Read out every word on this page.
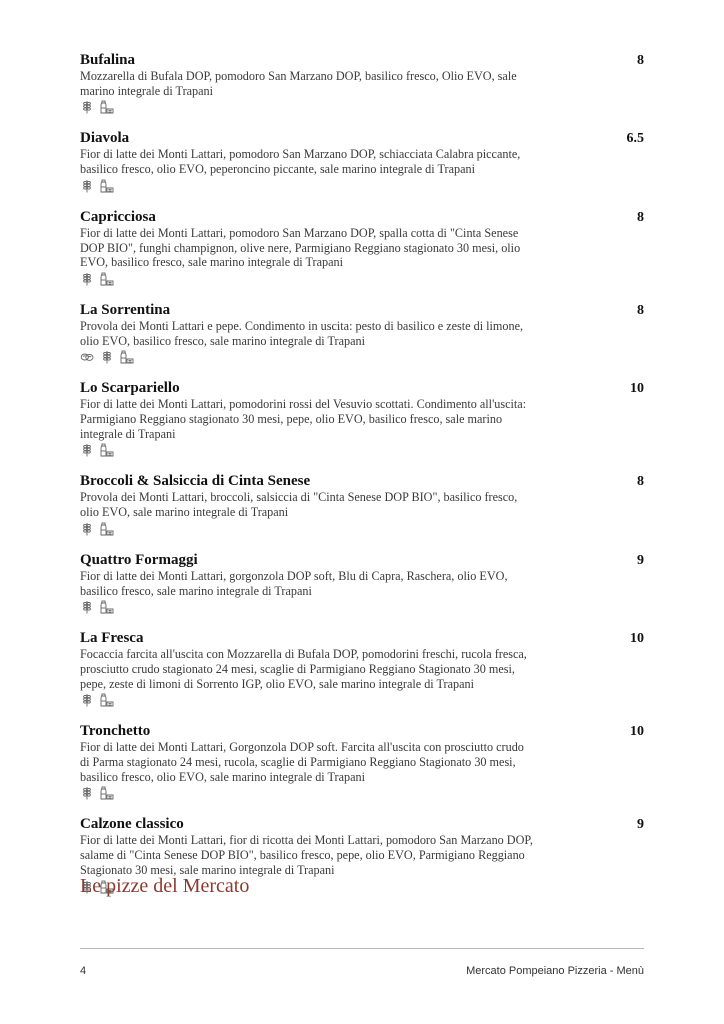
Bufalina	8
Mozzarella di Bufala DOP, pomodoro San Marzano DOP, basilico fresco, Olio EVO, sale marino integrale di Trapani
Diavola	6.5
Fior di latte dei Monti Lattari, pomodoro San Marzano DOP, schiacciata Calabra piccante, basilico fresco, olio EVO, peperoncino piccante, sale marino integrale di Trapani
Capricciosa	8
Fior di latte dei Monti Lattari, pomodoro San Marzano DOP, spalla cotta di "Cinta Senese DOP BIO", funghi champignon, olive nere, Parmigiano Reggiano stagionato 30 mesi, olio EVO, basilico fresco, sale marino integrale di Trapani
La Sorrentina	8
Provola dei Monti Lattari e pepe. Condimento in uscita: pesto di basilico e zeste di limone, olio EVO, basilico fresco, sale marino integrale di Trapani
Lo Scarpariello	10
Fior di latte dei Monti Lattari, pomodorini rossi del Vesuvio scottati. Condimento all'uscita: Parmigiano Reggiano stagionato 30 mesi, pepe, olio EVO, basilico fresco, sale marino integrale di Trapani
Broccoli & Salsiccia di Cinta Senese	8
Provola dei Monti Lattari, broccoli, salsiccia di "Cinta Senese DOP BIO", basilico fresco, olio EVO, sale marino integrale di Trapani
Quattro Formaggi	9
Fior di latte dei Monti Lattari, gorgonzola DOP soft, Blu di Capra, Raschera, olio EVO, basilico fresco, sale marino integrale di Trapani
La Fresca	10
Focaccia farcita all'uscita con Mozzarella di Bufala DOP, pomodorini freschi, rucola fresca, prosciutto crudo stagionato 24 mesi, scaglie di Parmigiano Reggiano Stagionato 30 mesi, pepe, zeste di limoni di Sorrento IGP, olio EVO, sale marino integrale di Trapani
Tronchetto	10
Fior di latte dei Monti Lattari, Gorgonzola DOP soft. Farcita all'uscita con prosciutto crudo di Parma stagionato 24 mesi, rucola, scaglie di Parmigiano Reggiano Stagionato 30 mesi, basilico fresco, olio EVO, sale marino integrale di Trapani
Calzone classico	9
Fior di latte dei Monti Lattari, fior di ricotta dei Monti Lattari, pomodoro San Marzano DOP, salame di "Cinta Senese DOP BIO", basilico fresco, pepe, olio EVO, Parmigiano Reggiano Stagionato 30 mesi, sale marino integrale di Trapani
Le pizze del Mercato
4	Mercato Pompeiano Pizzeria - Menù
